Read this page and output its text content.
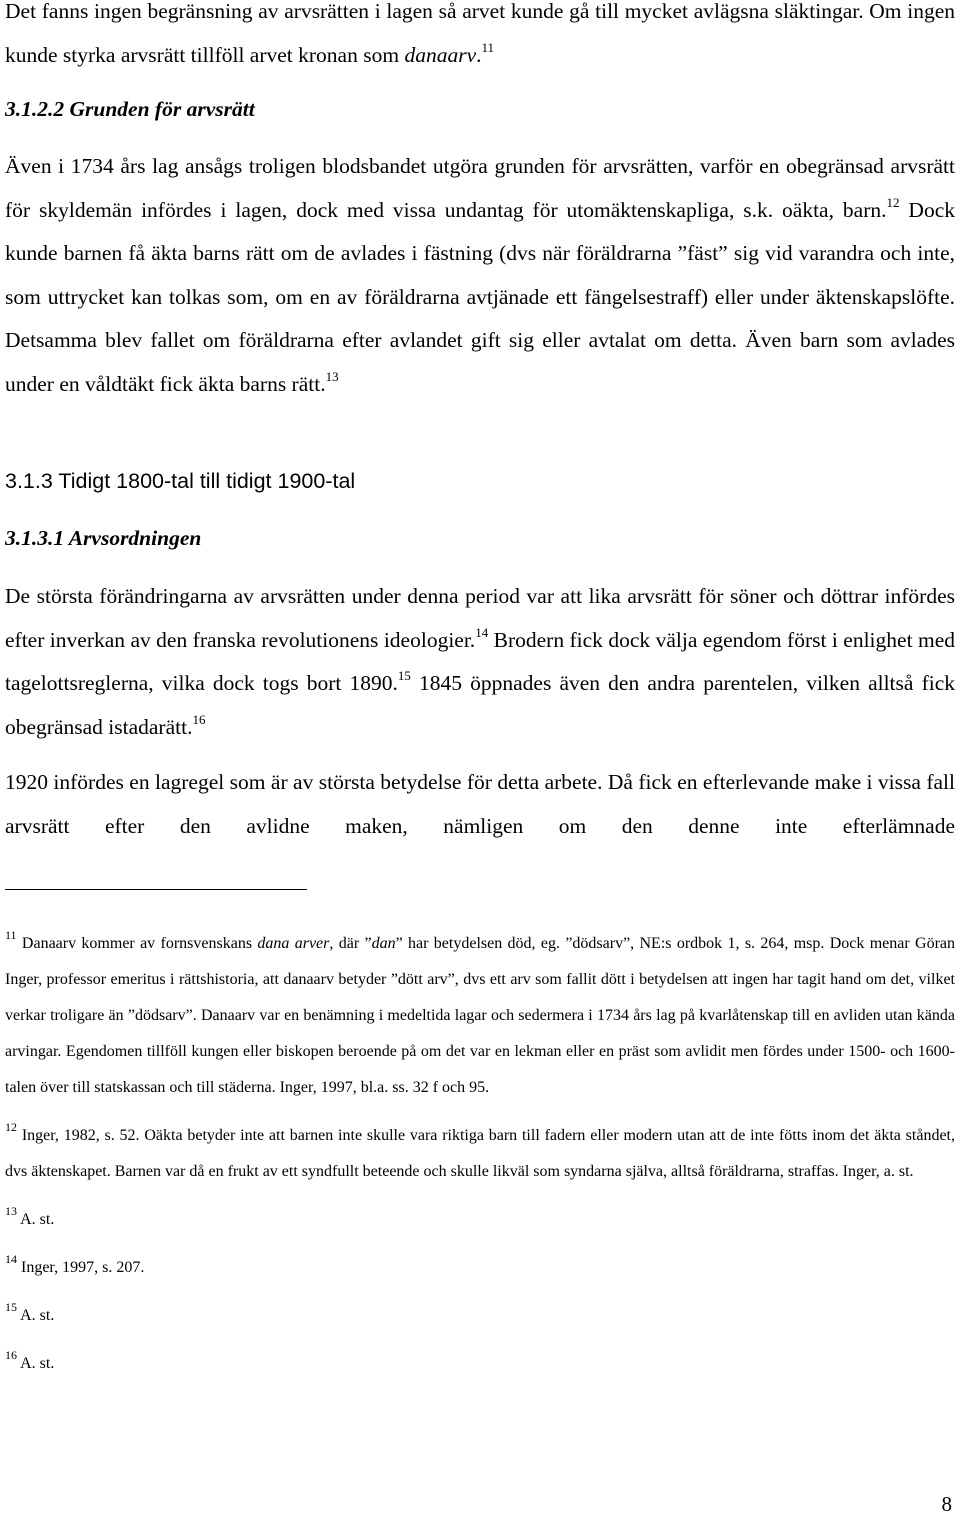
Det fanns ingen begränsning av arvsrätten i lagen så arvet kunde gå till mycket avlägsna släktingar. Om ingen kunde styrka arvsrätt tillföll arvet kronan som danaarv.$^{11}$

3.1.2.2 Grunden för arvsrätt

Även i 1734 års lag ansågs troligen blodsbandet utgöra grunden för arvsrätten, varför en obegränsad arvsrätt för skyldemän infördes i lagen, dock med vissa undantag för utomäktenskapliga, s.k. oäkta, barn.$^{12}$ Dock kunde barnen få äkta barns rätt om de avlades i fästning (dvs när föräldrarna ”fäst” sig vid varandra och inte, som uttrycket kan tolkas som, om en av föräldrarna avtjänade ett fängelsestraff) eller under äktenskapslöfte. Detsamma blev fallet om föräldrarna efter avlandet gift sig eller avtalat om detta. Även barn som avlades under en våldtäkt fick äkta barns rätt.$^{13}$

3.1.3 Tidigt 1800-tal till tidigt 1900-tal
3.1.3.1 Arvsordningen

De största förändringarna av arvsrätten under denna period var att lika arvsrätt för söner och döttrar infördes efter inverkan av den franska revolutionens ideologier.$^{14}$ Brodern fick dock välja egendom först i enlighet med tagelottsreglerna, vilka dock togs bort 1890.15 1845 öppnades även den andra parentelen, vilken alltså fick obegränsad istadarätt.$^{16}$

1920 infördes en lagregel som är av största betydelse för detta arbete. Då fick en efterlevande make i vissa fall arvsrätt efter den avlidne maken, nämligen om den denne inte efterlämnade

$^{11}$ Danaarv kommer av fornsvenskans dana arver, där ”dan” har betydelsen död, eg. ”dödsarv”, NE:s ordbok 1, s. 264, msp. Dock menar Göran Inger, professor emeritus i rättshistoria, att danaarv betyder ”dött arv”, dvs ett arv som fallit dött i betydelsen att ingen har tagit hand om det, vilket verkar troligare än ”dödsarv”. Danaarv var en benämning i medeltida lagar och sedermera i 1734 års lag på kvarlåtenskap till en avliden utan kända arvingar. Egendomen tillföll kungen eller biskopen beroende på om det var en lekman eller en präst som avlidit men fördes under 1500- och 1600-talen över till statskassan och till städerna. Inger, 1997, bl.a. ss. 32 f och 95.

$^{12}$ Inger, 1982, s. 52. Oäkta betyder inte att barnen inte skulle vara riktiga barn till fadern eller modern utan att de inte fötts inom det äkta ståndet, dvs äktenskapet. Barnen var då en frukt av ett syndfullt beteende och skulle likväl som syndarna själva, alltså föräldrarna, straffas. Inger, a. st.

$^{13}$ A. st.

$^{14}$ Inger, 1997, s. 207.

$^{15}$ A. st.

$^{16}$ A. st.

8
